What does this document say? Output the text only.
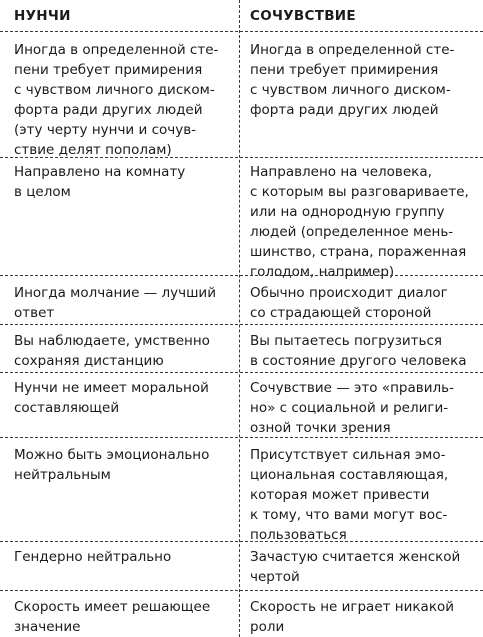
НУНЧИ	СОЧУВСТВИЕ
Иногда в определенной сте-
пени требует примирения
с чувством личного диском-
форта ради других людей
(эту черту нунчи и сочув-
ствие делят пополам)
Иногда в определенной сте-
пени требует примирения
с чувством личного диском-
форта ради других людей
Направлено на комнату
в целом
Направлено на человека,
с которым вы разговариваете,
или на однородную группу
людей (определенное мень-
шинство, страна, пораженная
голодом, например)
Иногда молчание — лучший
ответ
Обычно происходит диалог
со страдающей стороной
Вы наблюдаете, умственно
сохраняя дистанцию
Вы пытаетесь погрузиться
в состояние другого человека
Нунчи не имеет моральной
составляющей
Сочувствие — это «правиль-
но» с социальной и религи-
озной точки зрения
Можно быть эмоционально
нейтральным
Присутствует сильная эмо-
циональная составляющая,
которая может привести
к тому, что вами могут вос-
пользоваться
Гендерно нейтрально	Зачастую считается женской
чертой
Скорость имеет решающее
значение
Скорость не играет никакой
роли
